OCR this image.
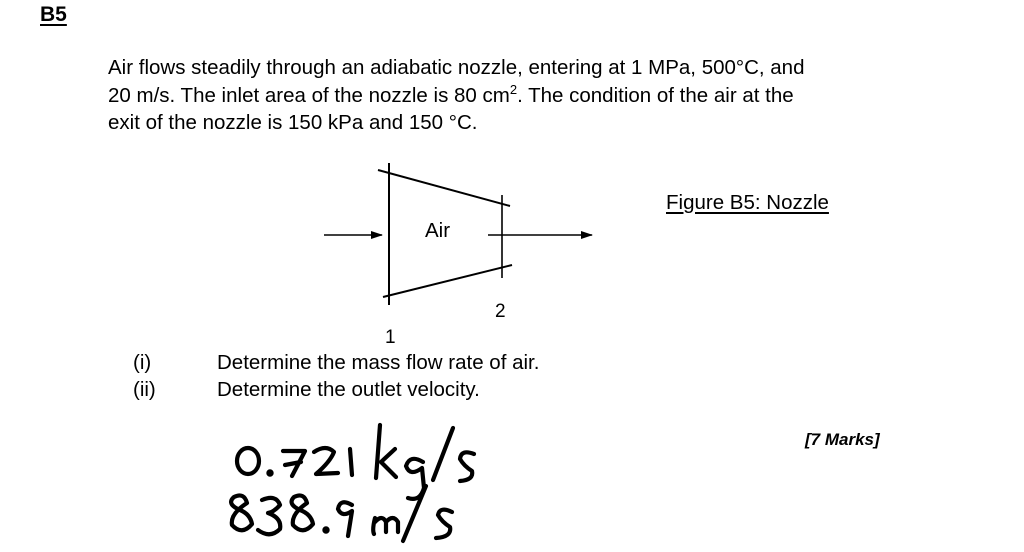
B5
Air flows steadily through an adiabatic nozzle, entering at 1 MPa, 500°C, and
20 m/s. The inlet area of the nozzle is 80 $cm^2$. The condition of the air at the
exit of the nozzle is 150 kPa and 150 °C.
Figure B5: Nozzle
Air
2
1
(i)	Determine the mass flow rate of air.
(ii)	Determine the outlet velocity.
[7 Marks]
